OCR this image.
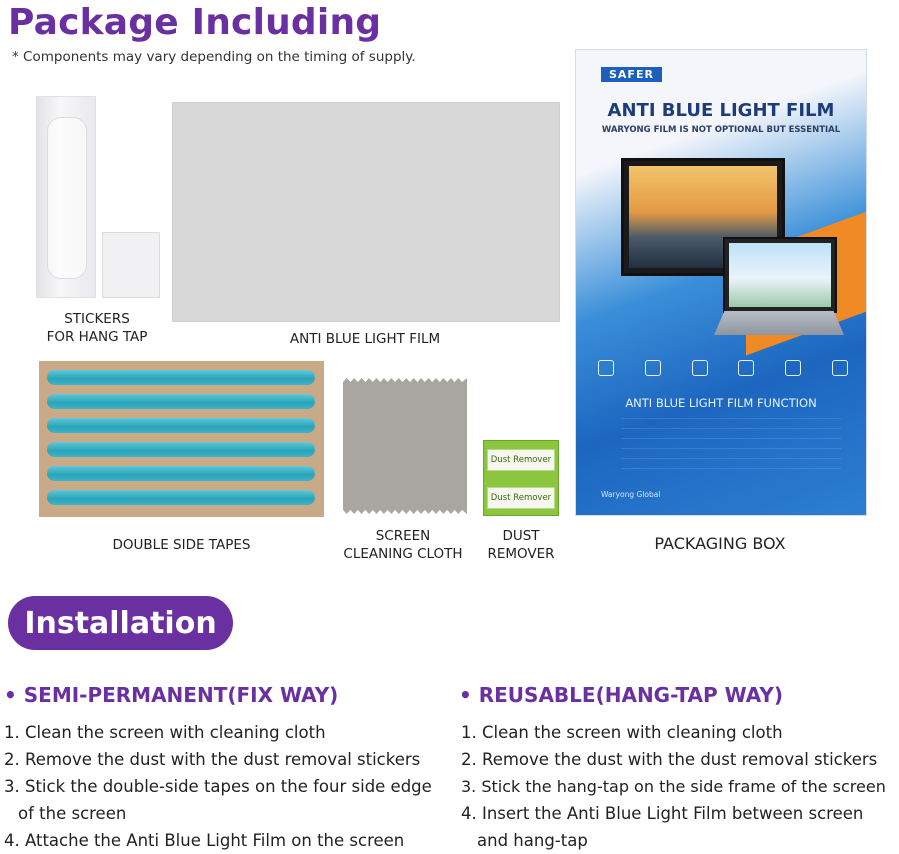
Package Including
* Components may vary depending on the timing of supply.
STICKERS
FOR HANG TAP	ANTI BLUE LIGHT FILM
DOUBLE SIDE TAPES
SCREEN
CLEANING CLOTH
Dust Remover
Dust Remover
DUST
REMOVER
SAFER
ANTI BLUE LIGHT FILM
WARYONG FILM IS NOT OPTIONAL BUT ESSENTIAL
ANTI BLUE LIGHT FILM FUNCTION
Waryong Global
PACKAGING BOX
Installation
• SEMI-PERMANENT(FIX WAY)
1. Clean the screen with cleaning cloth
2. Remove the dust with the dust removal stickers
3. Stick the double-side tapes on the four side edge
of the screen
4. Attache the Anti Blue Light Film on the screen
• REUSABLE(HANG-TAP WAY)
1. Clean the screen with cleaning cloth
2. Remove the dust with the dust removal stickers
3. Stick the hang-tap on the side frame of the screen
4. Insert the Anti Blue Light Film between screen
and hang-tap
